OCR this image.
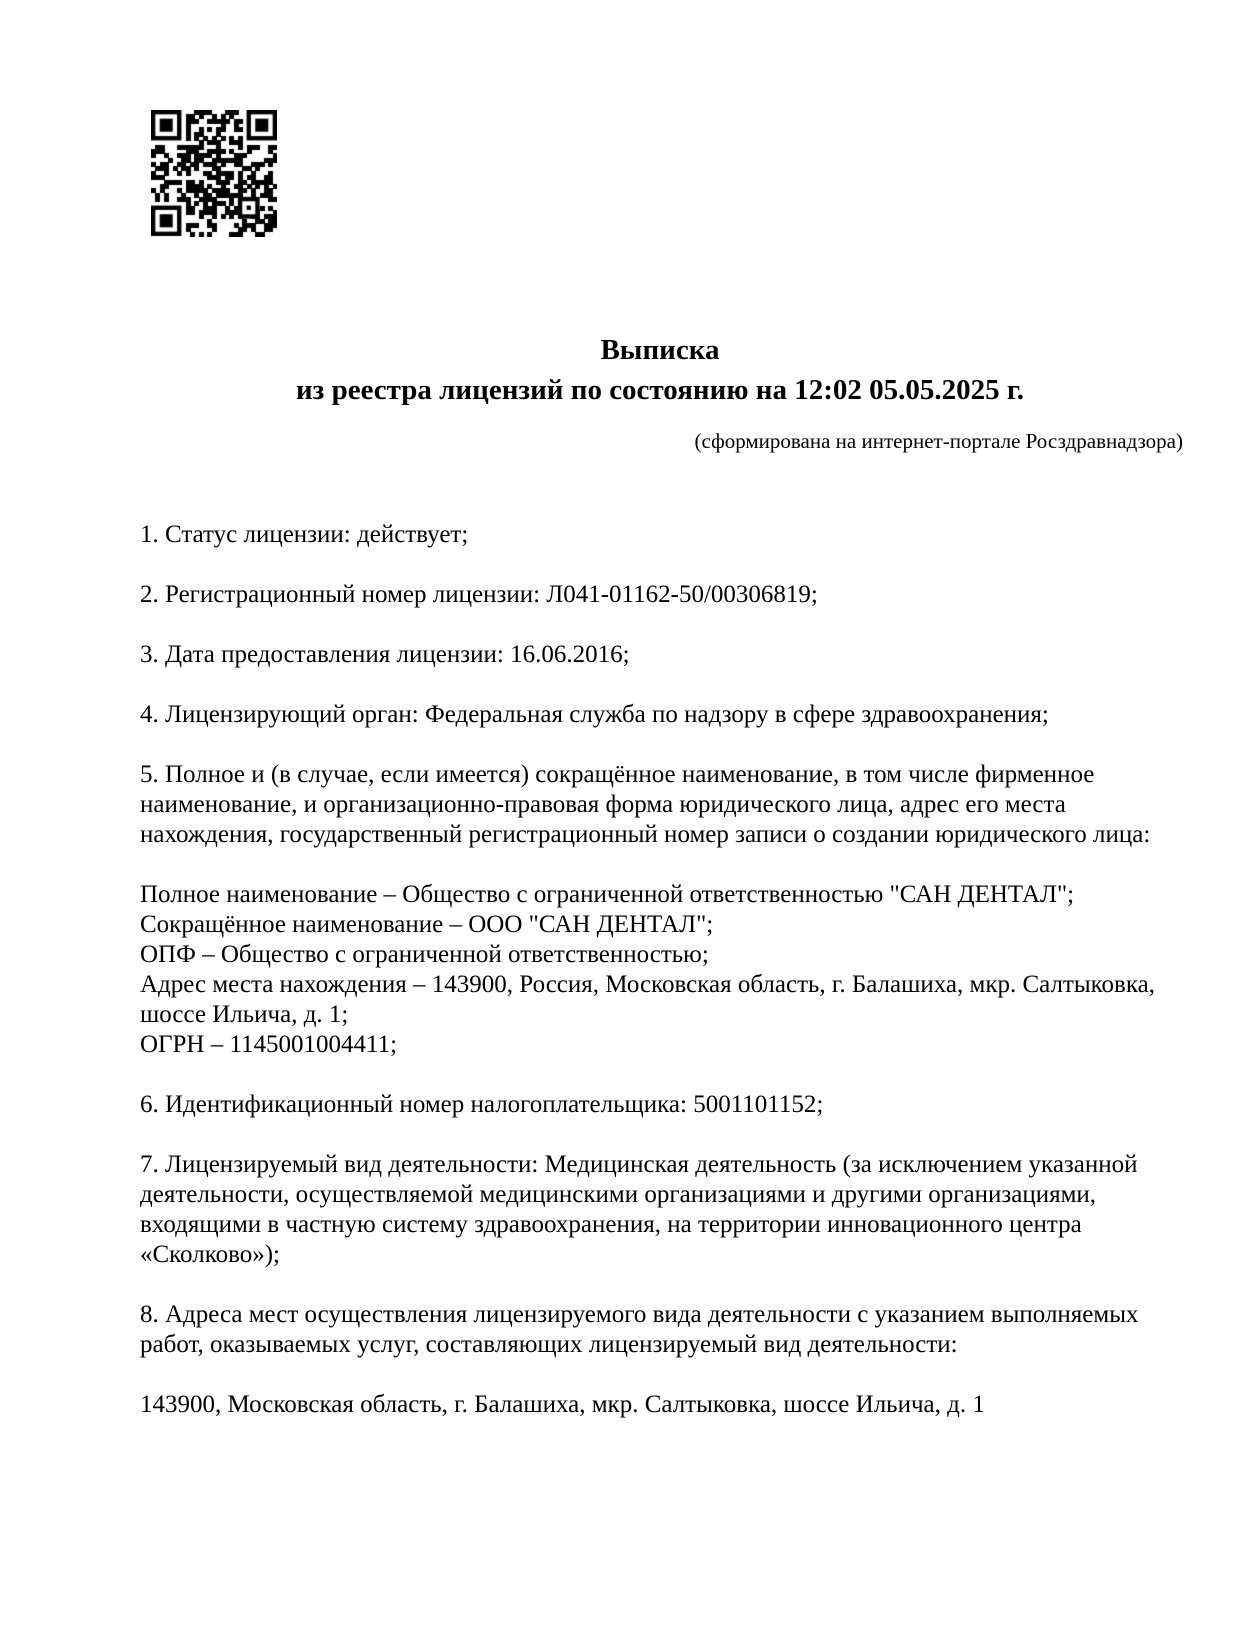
Выписка
из реестра лицензий по состоянию на 12:02 05.05.2025 г.
(сформирована на интернет-портале Росздравнадзора)
1. Статус лицензии: действует;
2. Регистрационный номер лицензии: Л041-01162-50/00306819;
3. Дата предоставления лицензии: 16.06.2016;
4. Лицензирующий орган: Федеральная служба по надзору в сфере здравоохранения;
5. Полное и (в случае, если имеется) сокращённое наименование, в том числе фирменное
наименование, и организационно-правовая форма юридического лица, адрес его места
нахождения, государственный регистрационный номер записи о создании юридического лица:
Полное наименование – Общество с ограниченной ответственностью "САН ДЕНТАЛ";
Сокращённое наименование – ООО "САН ДЕНТАЛ";
ОПФ – Общество с ограниченной ответственностью;
Адрес места нахождения – 143900, Россия, Московская область, г. Балашиха, мкр. Салтыковка,
шоссе Ильича, д. 1;
ОГРН – 1145001004411;
6. Идентификационный номер налогоплательщика: 5001101152;
7. Лицензируемый вид деятельности: Медицинская деятельность (за исключением указанной
деятельности, осуществляемой медицинскими организациями и другими организациями,
входящими в частную систему здравоохранения, на территории инновационного центра
«Сколково»);
8. Адреса мест осуществления лицензируемого вида деятельности с указанием выполняемых
работ, оказываемых услуг, составляющих лицензируемый вид деятельности:
143900, Московская область, г. Балашиха, мкр. Салтыковка, шоссе Ильича, д. 1
